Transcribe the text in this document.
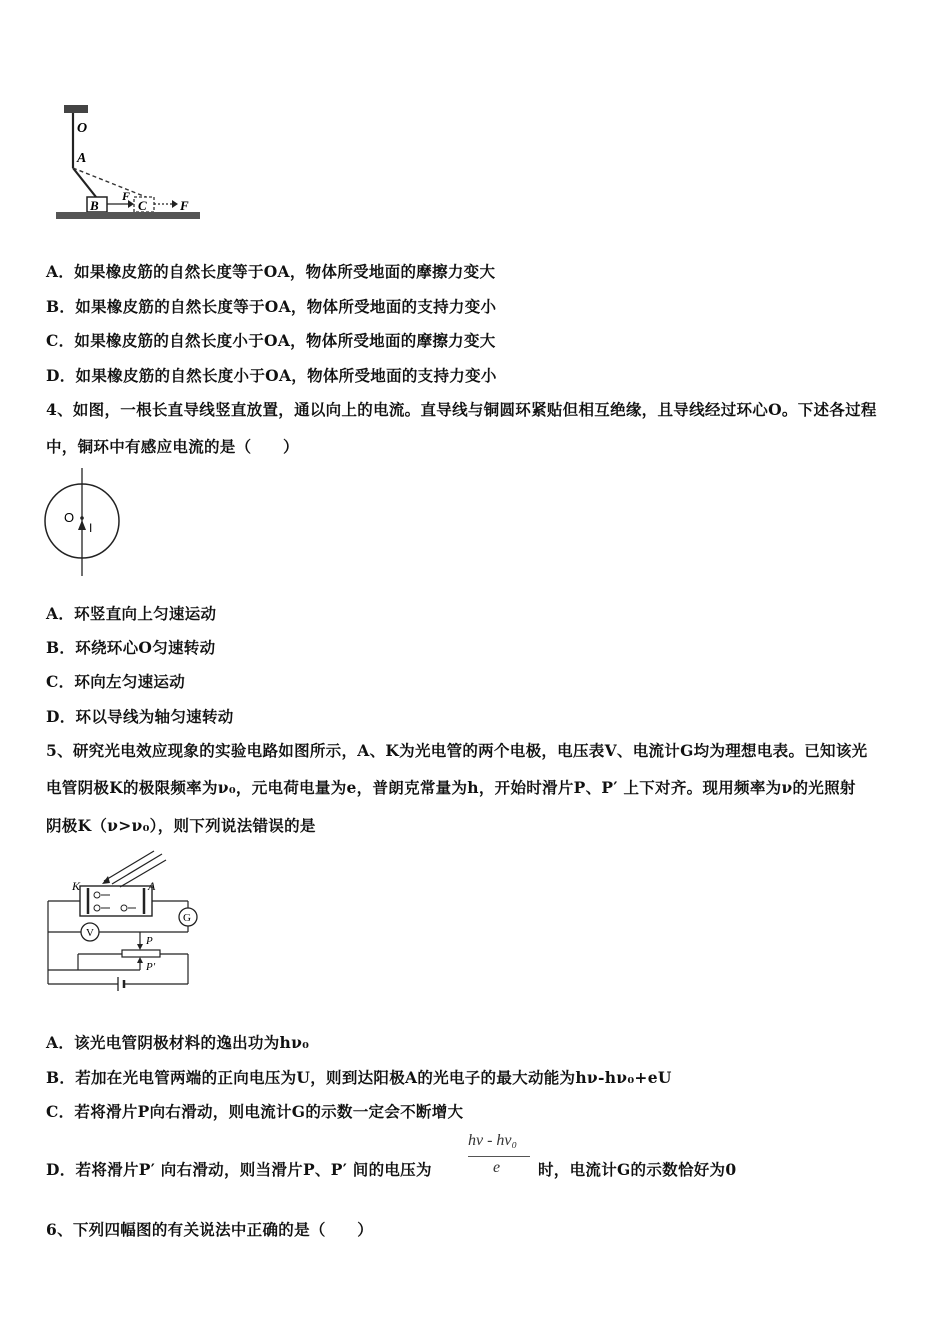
O
A
B
F
C	F
A．如果橡皮筋的自然长度等于OA，物体所受地面的摩擦力变大
B．如果橡皮筋的自然长度等于OA，物体所受地面的支持力变小
C．如果橡皮筋的自然长度小于OA，物体所受地面的摩擦力变大
D．如果橡皮筋的自然长度小于OA，物体所受地面的支持力变小
4、如图，一根长直导线竖直放置，通以向上的电流。直导线与铜圆环紧贴但相互绝缘，且导线经过环心O。下述各过程
中，铜环中有感应电流的是（　　）
O
I
A．环竖直向上匀速运动
B．环绕环心O匀速转动
C．环向左匀速运动
D．环以导线为轴匀速转动
5、研究光电效应现象的实验电路如图所示，A、K为光电管的两个电极，电压表V、电流计G均为理想电表。已知该光
电管阴极K的极限频率为ν₀，元电荷电量为e，普朗克常量为h，开始时滑片P、P′ 上下对齐。现用频率为ν的光照射
阴极K（ν>ν₀），则下列说法错误的是
K	A
G
V
P
P′
A．该光电管阴极材料的逸出功为hν₀
B．若加在光电管两端的正向电压为U，则到达阳极A的光电子的最大动能为hν-hν₀+eU
C．若将滑片P向右滑动，则电流计G的示数一定会不断增大
D．若将滑片P′ 向右滑动，则当滑片P、P′ 间的电压为
hv - hv₀
e 时，电流计G的示数恰好为0
6、下列四幅图的有关说法中正确的是（　　）
